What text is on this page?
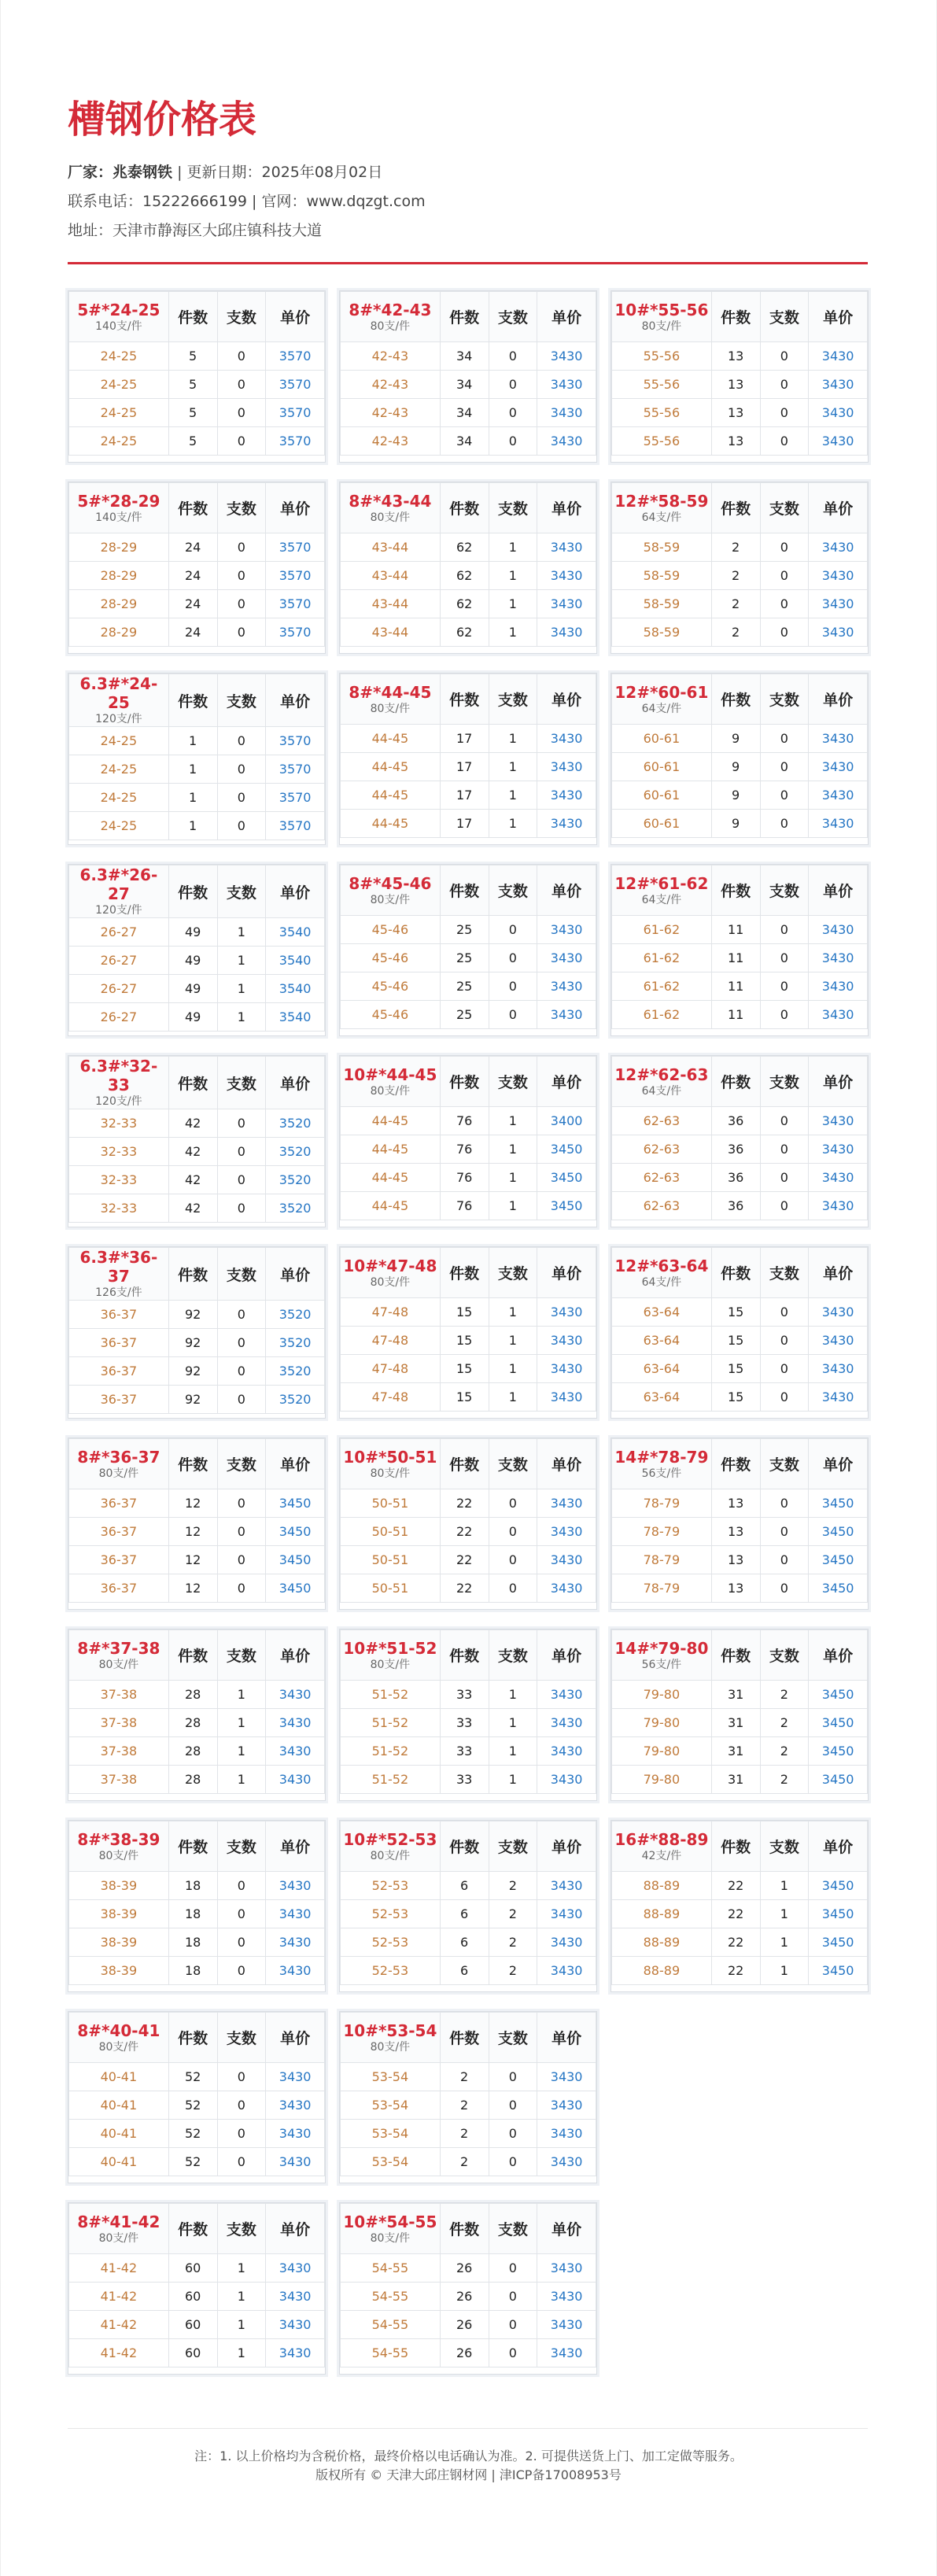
槽钢价格表
厂家：兆泰钢铁 | 更新日期：2025年08月02日
联系电话：15222666199 | 官网：www.dqzgt.com
地址：天津市静海区大邱庄镇科技大道
5#*24-25
140支/件	件数	支数	单价
24-25	5	0	3570
24-25	5	0	3570
24-25	5	0	3570
24-25	5	0	3570
5#*28-29
140支/件	件数	支数	单价
28-29	24	0	3570
28-29	24	0	3570
28-29	24	0	3570
28-29	24	0	3570
6.3#*24-25
120支/件	件数	支数	单价
24-25	1	0	3570
24-25	1	0	3570
24-25	1	0	3570
24-25	1	0	3570
6.3#*26-27
120支/件	件数	支数	单价
26-27	49	1	3540
26-27	49	1	3540
26-27	49	1	3540
26-27	49	1	3540
6.3#*32-33
120支/件	件数	支数	单价
32-33	42	0	3520
32-33	42	0	3520
32-33	42	0	3520
32-33	42	0	3520
6.3#*36-37
126支/件	件数	支数	单价
36-37	92	0	3520
36-37	92	0	3520
36-37	92	0	3520
36-37	92	0	3520
8#*36-37
80支/件	件数	支数	单价
36-37	12	0	3450
36-37	12	0	3450
36-37	12	0	3450
36-37	12	0	3450
8#*37-38
80支/件	件数	支数	单价
37-38	28	1	3430
37-38	28	1	3430
37-38	28	1	3430
37-38	28	1	3430
8#*38-39
80支/件	件数	支数	单价
38-39	18	0	3430
38-39	18	0	3430
38-39	18	0	3430
38-39	18	0	3430
8#*40-41
80支/件	件数	支数	单价
40-41	52	0	3430
40-41	52	0	3430
40-41	52	0	3430
40-41	52	0	3430
8#*41-42
80支/件	件数	支数	单价
41-42	60	1	3430
41-42	60	1	3430
41-42	60	1	3430
41-42	60	1	3430
8#*42-43
80支/件	件数	支数	单价
42-43	34	0	3430
42-43	34	0	3430
42-43	34	0	3430
42-43	34	0	3430
8#*43-44
80支/件	件数	支数	单价
43-44	62	1	3430
43-44	62	1	3430
43-44	62	1	3430
43-44	62	1	3430
8#*44-45
80支/件	件数	支数	单价
44-45	17	1	3430
44-45	17	1	3430
44-45	17	1	3430
44-45	17	1	3430
8#*45-46
80支/件	件数	支数	单价
45-46	25	0	3430
45-46	25	0	3430
45-46	25	0	3430
45-46	25	0	3430
10#*44-45
80支/件	件数	支数	单价
44-45	76	1	3400
44-45	76	1	3450
44-45	76	1	3450
44-45	76	1	3450
10#*47-48
80支/件	件数	支数	单价
47-48	15	1	3430
47-48	15	1	3430
47-48	15	1	3430
47-48	15	1	3430
10#*50-51
80支/件	件数	支数	单价
50-51	22	0	3430
50-51	22	0	3430
50-51	22	0	3430
50-51	22	0	3430
10#*51-52
80支/件	件数	支数	单价
51-52	33	1	3430
51-52	33	1	3430
51-52	33	1	3430
51-52	33	1	3430
10#*52-53
80支/件	件数	支数	单价
52-53	6	2	3430
52-53	6	2	3430
52-53	6	2	3430
52-53	6	2	3430
10#*53-54
80支/件	件数	支数	单价
53-54	2	0	3430
53-54	2	0	3430
53-54	2	0	3430
53-54	2	0	3430
10#*54-55
80支/件	件数	支数	单价
54-55	26	0	3430
54-55	26	0	3430
54-55	26	0	3430
54-55	26	0	3430
10#*55-56
80支/件	件数	支数	单价
55-56	13	0	3430
55-56	13	0	3430
55-56	13	0	3430
55-56	13	0	3430
12#*58-59
64支/件	件数	支数	单价
58-59	2	0	3430
58-59	2	0	3430
58-59	2	0	3430
58-59	2	0	3430
12#*60-61
64支/件	件数	支数	单价
60-61	9	0	3430
60-61	9	0	3430
60-61	9	0	3430
60-61	9	0	3430
12#*61-62
64支/件	件数	支数	单价
61-62	11	0	3430
61-62	11	0	3430
61-62	11	0	3430
61-62	11	0	3430
12#*62-63
64支/件	件数	支数	单价
62-63	36	0	3430
62-63	36	0	3430
62-63	36	0	3430
62-63	36	0	3430
12#*63-64
64支/件	件数	支数	单价
63-64	15	0	3430
63-64	15	0	3430
63-64	15	0	3430
63-64	15	0	3430
14#*78-79
56支/件	件数	支数	单价
78-79	13	0	3450
78-79	13	0	3450
78-79	13	0	3450
78-79	13	0	3450
14#*79-80
56支/件	件数	支数	单价
79-80	31	2	3450
79-80	31	2	3450
79-80	31	2	3450
79-80	31	2	3450
16#*88-89
42支/件	件数	支数	单价
88-89	22	1	3450
88-89	22	1	3450
88-89	22	1	3450
88-89	22	1	3450
注：1. 以上价格均为含税价格，最终价格以电话确认为准。2. 可提供送货上门、加工定做等服务。
版权所有 © 天津大邱庄钢材网 | 津ICP备17008953号
